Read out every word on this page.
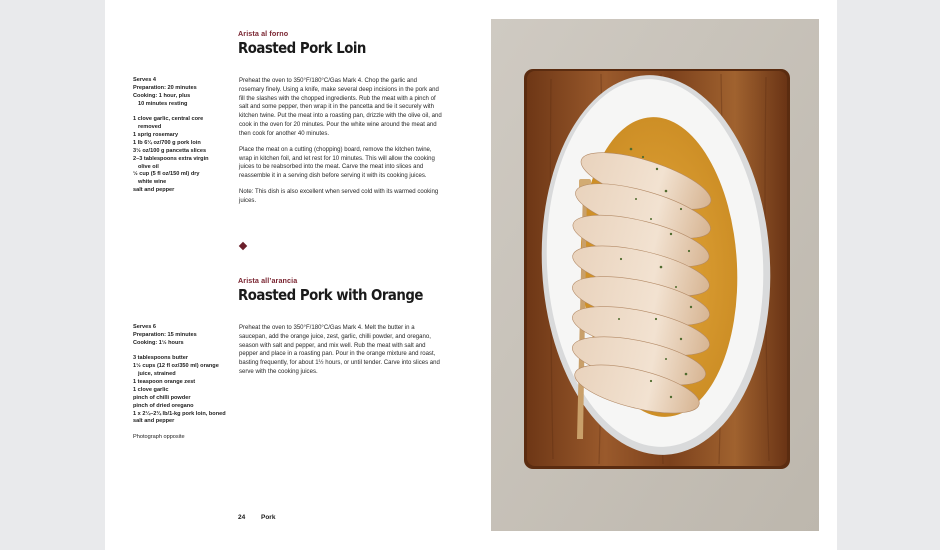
Arista al forno
Roasted Pork Loin
Serves 4
Preparation: 20 minutes
Cooking: 1 hour, plus
10 minutes resting
1 clove garlic, central core
removed
1 sprig rosemary
1 lb 6¼ oz/700 g pork loin
3½ oz/100 g pancetta slices
2–3 tablespoons extra virgin
olive oil
½ cup (5 fl oz/150 ml) dry
white wine
salt and pepper

Preheat the oven to 350°F/180°C/Gas Mark 4. Chop the garlic and rosemary finely. Using a knife, make several deep incisions in the pork and fill the slashes with the chopped ingredients. Rub the meat with a pinch of salt and some pepper, then wrap it in the pancetta and tie it securely with kitchen twine. Put the meat into a roasting pan, drizzle with the olive oil, and cook in the oven for 20 minutes. Pour the white wine around the meat and then cook for another 40 minutes.

Place the meat on a cutting (chopping) board, remove the kitchen twine, wrap in kitchen foil, and let rest for 10 minutes. This will allow the cooking juices to be reabsorbed into the meat. Carve the meat into slices and reassemble it in a serving dish before serving it with its cooking juices.

Note: This dish is also excellent when served cold with its warmed cooking juices.

Arista all’arancia
Roasted Pork with Orange
Serves 6
Preparation: 15 minutes
Cooking: 1½ hours
3 tablespoons butter
1½ cups (12 fl oz/350 ml) orange
juice, strained
1 teaspoon orange zest
1 clove garlic
pinch of chilli powder
pinch of dried oregano
1 x 2¼–2¾ lb/1-kg pork loin, boned
salt and pepper
Photograph opposite

Preheat the oven to 350°F/180°C/Gas Mark 4. Melt the butter in a saucepan, add the orange juice, zest, garlic, chilli powder, and oregano, season with salt and pepper, and mix well. Rub the meat with salt and pepper and place in a roasting pan. Pour in the orange mixture and roast, basting frequently, for about 1½ hours, or until tender. Carve into slices and serve with the cooking juices.

24 Pork
